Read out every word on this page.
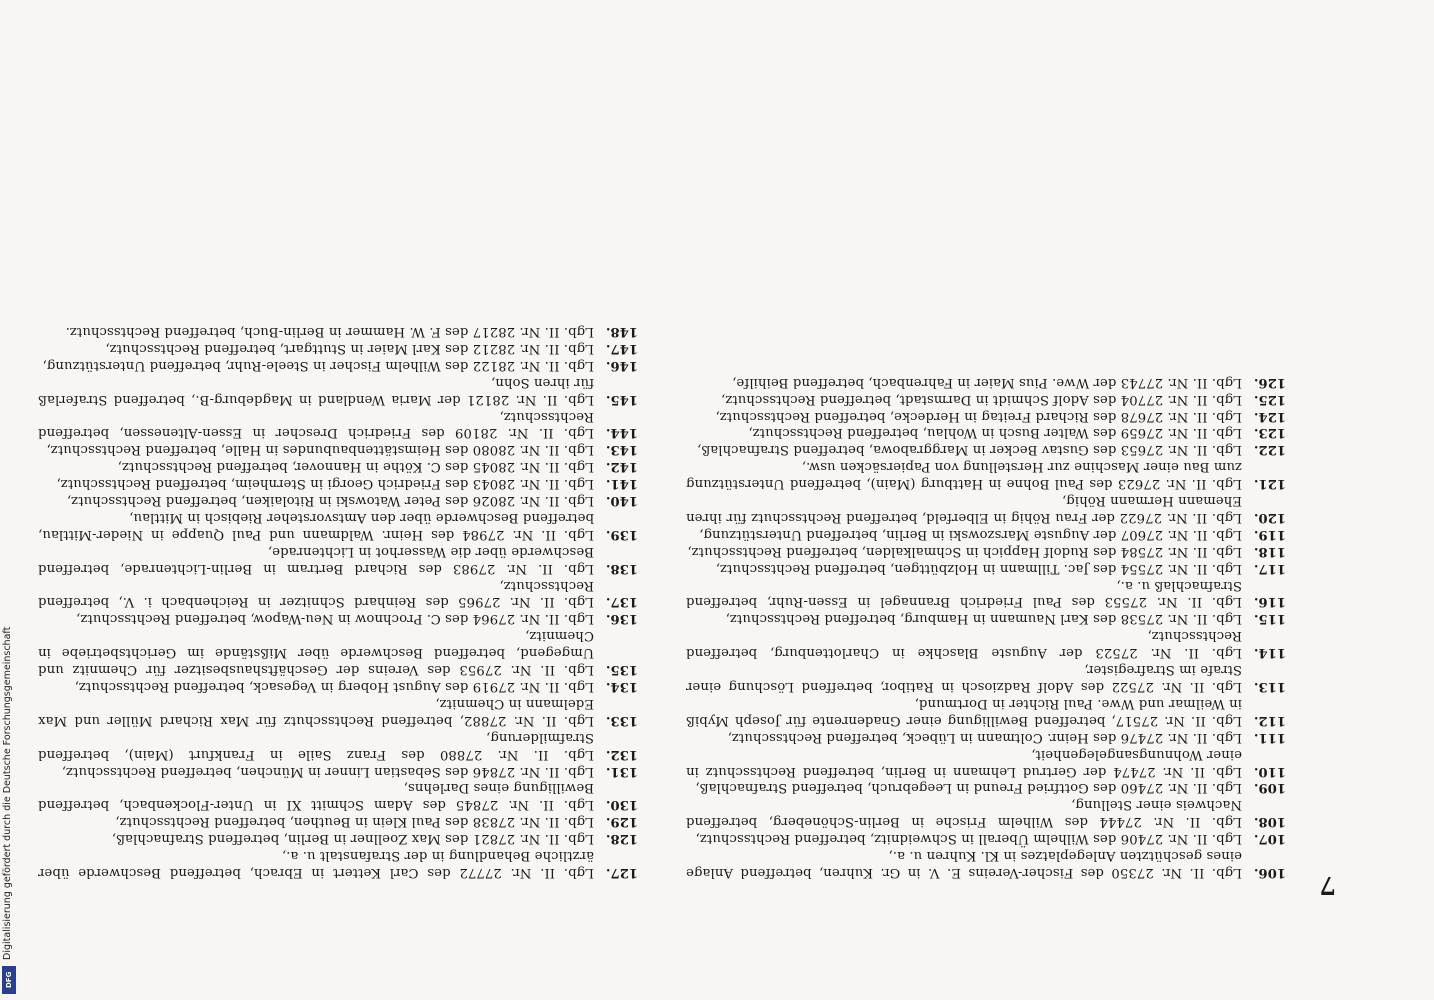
7
106.
Lgb. II. Nr. 27350 des Fischer-Vereins E. V. in Gr. Kuhren, betreffend Anlage eines geschützten Anlegeplatzes in Kl. Kuhren u. a.,
107.
Lgb. II. Nr. 27406 des Wilhelm Überall in Schweidnitz, betreffend Rechtsschutz,
108.
Lgb. II. Nr. 27444 des Wilhelm Frische in Berlin-Schöneberg, betreffend Nachweis einer Stellung,
109.
Lgb. II. Nr. 27460 des Gottfried Freund in Leegebruch, betreffend Strafnachlaß,
110.
Lgb. II. Nr. 27474 der Gertrud Lehmann in Berlin, betreffend Rechtsschutz in einer Wohnungsangelegenheit,
111.
Lgb. II. Nr. 27476 des Heinr. Coltmann in Lübeck, betreffend Rechtsschutz,
112.
Lgb. II. Nr. 27517, betreffend Bewilligung einer Gnadenrente für Joseph Mybiß in Weilmar und Wwe. Paul Richter in Dortmund,
113.
Lgb. II. Nr. 27522 des Adolf Radziosch in Ratibor, betreffend Löschung einer Strafe im Strafregister,
114.
Lgb. II. Nr. 27523 der Auguste Blaschke in Charlottenburg, betreffend Rechtsschutz,
115.
Lgb. II. Nr. 27538 des Karl Naumann in Hamburg, betreffend Rechtsschutz,
116.
Lgb. II. Nr. 27553 des Paul Friedrich Brannagel in Essen-Ruhr, betreffend Strafnachlaß u. a.,
117.
Lgb. II. Nr. 27554 des Jac. Tillmann in Holzbüttgen, betreffend Rechtsschutz,
118.
Lgb. II. Nr. 27584 des Rudolf Happich in Schmalkalden, betreffend Rechtsschutz,
119.
Lgb. II. Nr. 27607 der Auguste Marszowski in Berlin, betreffend Unterstützung,
120.
Lgb. II. Nr. 27622 der Frau Röhig in Elberfeld, betreffend Rechtsschutz für ihren Ehemann Hermann Röhig,
121.
Lgb. II. Nr. 27623 des Paul Bohne in Hattburg (Main), betreffend Unterstützung zum Bau einer Maschine zur Herstellung von Papiersäcken usw.,
122.
Lgb. II. Nr. 27653 des Gustav Becker in Marggrabowa, betreffend Strafnachlaß,
123.
Lgb. II. Nr. 27659 des Walter Busch in Wohlau, betreffend Rechtsschutz,
124.
Lgb. II. Nr. 27678 des Richard Freitag in Herdecke, betreffend Rechtsschutz,
125.
Lgb. II. Nr. 27704 des Adolf Schmidt in Darmstadt, betreffend Rechtsschutz,
126.
Lgb. II. Nr. 27743 der Wwe. Pius Maier in Fahrenbach, betreffend Beihilfe,
127.
Lgb. II. Nr. 27772 des Carl Kettert in Ebrach, betreffend Beschwerde über ärztliche Behandlung in der Strafanstalt u. a.,
128.
Lgb. II. Nr. 27821 des Max Zoellner in Berlin, betreffend Strafnachlaß,
129.
Lgb. II. Nr. 27838 des Paul Klein in Beuthen, betreffend Rechtsschutz,
130.
Lgb. II. Nr. 27845 des Adam Schmitt XI in Unter-Flockenbach, betreffend Bewilligung eines Darlehns,
131.
Lgb. II. Nr. 27846 des Sebastian Linner in München, betreffend Rechtsschutz,
132.
Lgb. II. Nr. 27880 des Franz Saile in Frankfurt (Main), betreffend Strafmilderung,
133.
Lgb. II. Nr. 27882, betreffend Rechtsschutz für Max Richard Müller und Max Edelmann in Chemnitz,
134.
Lgb. II. Nr. 27919 des August Hoberg in Vegesack, betreffend Rechtsschutz,
135.
Lgb. II. Nr. 27953 des Vereins der Geschäftshausbesitzer für Chemnitz und Umgegend, betreffend Beschwerde über Mißstände im Gerichtsbetriebe in Chemnitz,
136.
Lgb. II. Nr. 27964 des C. Prochnow in Neu-Wapow, betreffend Rechtsschutz,
137.
Lgb. II. Nr. 27965 des Reinhard Schnitzer in Reichenbach i. V., betreffend Rechtsschutz,
138.
Lgb. II. Nr. 27983 des Richard Bertram in Berlin-Lichtenrade, betreffend Beschwerde über die Wasserhot in Lichtenrade,
139.
Lgb. II. Nr. 27984 des Heinr. Waldmann und Paul Quappe in Nieder-Mittlau, betreffend Beschwerde über den Amtsvorsteher Riebisch in Mittlau,
140.
Lgb. II. Nr. 28026 des Peter Watowski in Ritolaiken, betreffend Rechtsschutz,
141.
Lgb. II. Nr. 28043 des Friedrich Georgi in Sternheim, betreffend Rechtsschutz,
142.
Lgb. II. Nr. 28045 des C. Köthe in Hannover, betreffend Rechtsschutz,
143.
Lgb. II. Nr. 28080 des Heimstättenbaubundes in Halle, betreffend Rechtsschutz,
144.
Lgb. II. Nr. 28109 des Friedrich Drescher in Essen-Altenessen, betreffend Rechtsschutz,
145.
Lgb. II. Nr. 28121 der Maria Wendland in Magdeburg-B., betreffend Straferlaß für ihren Sohn,
146.
Lgb. II. Nr. 28122 des Wilhelm Fischer in Steele-Ruhr, betreffend Unterstützung,
147.
Lgb. II. Nr. 28212 des Karl Maier in Stuttgart, betreffend Rechtsschutz,
148.
Lgb. II. Nr. 28217 des F. W. Hammer in Berlin-Buch, betreffend Rechtsschutz.
Digitalisierung gefördert durch die Deutsche Forschungsgemeinschaft
DFG
